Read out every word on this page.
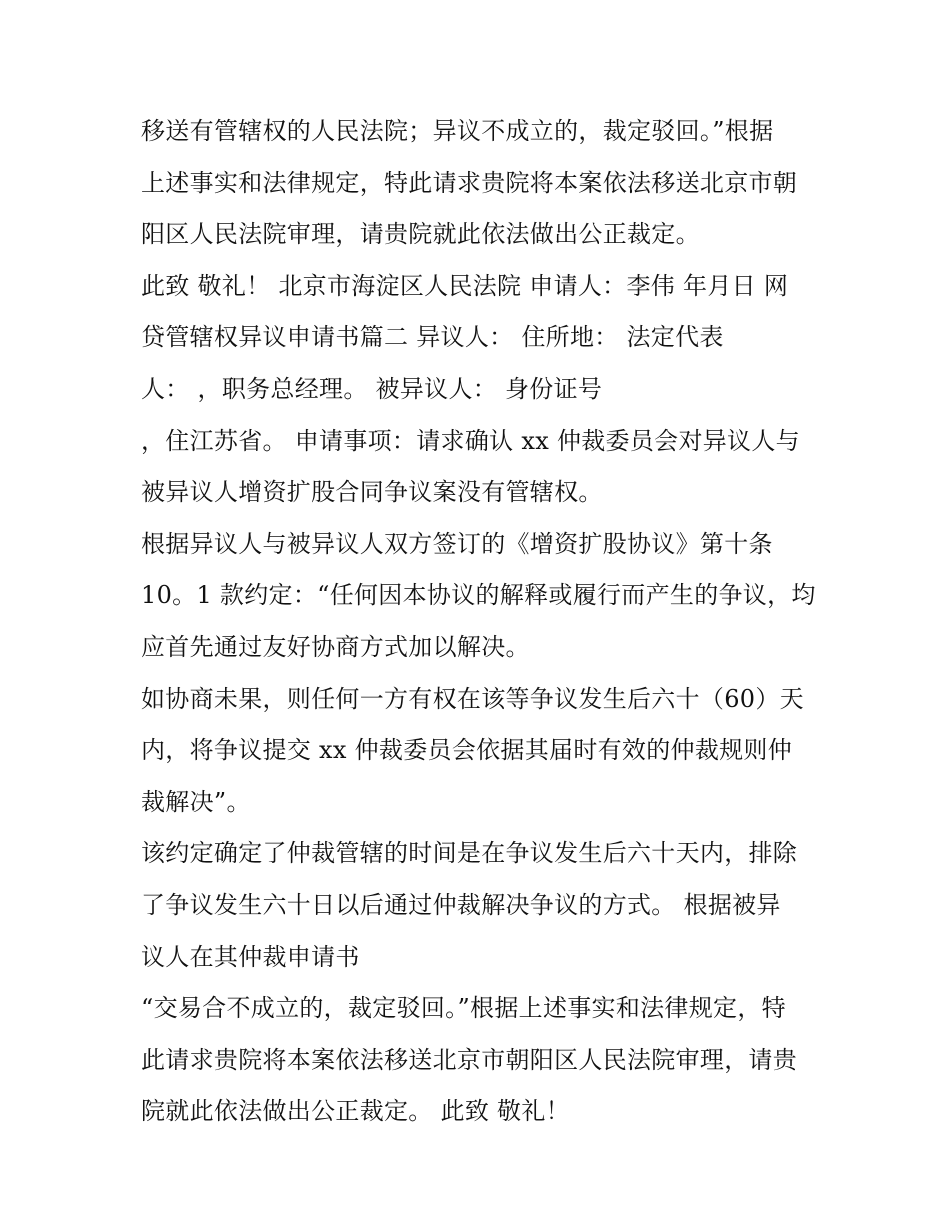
移送有管辖权的人民法院；异议不成立的，裁定驳回。”根据
上述事实和法律规定，特此请求贵院将本案依法移送北京市朝
阳区人民法院审理，请贵院就此依法做出公正裁定。
此致 敬礼！ 北京市海淀区人民法院 申请人：李伟 年月日 网
贷管辖权异议申请书篇二 异议人： 住所地： 法定代表
人： ，职务总经理。 被异议人： 身份证号
，住江苏省。 申请事项：请求确认 xx 仲裁委员会对异议人与
被异议人增资扩股合同争议案没有管辖权。
根据异议人与被异议人双方签订的《增资扩股协议》第十条
10。1 款约定：“任何因本协议的解释或履行而产生的争议，均
应首先通过友好协商方式加以解决。
如协商未果，则任何一方有权在该等争议发生后六十（60）天
内，将争议提交 xx 仲裁委员会依据其届时有效的仲裁规则仲
裁解决”。
该约定确定了仲裁管辖的时间是在争议发生后六十天内，排除
了争议发生六十日以后通过仲裁解决争议的方式。 根据被异
议人在其仲裁申请书
“交易合不成立的，裁定驳回。”根据上述事实和法律规定，特
此请求贵院将本案依法移送北京市朝阳区人民法院审理，请贵
院就此依法做出公正裁定。 此致 敬礼！
